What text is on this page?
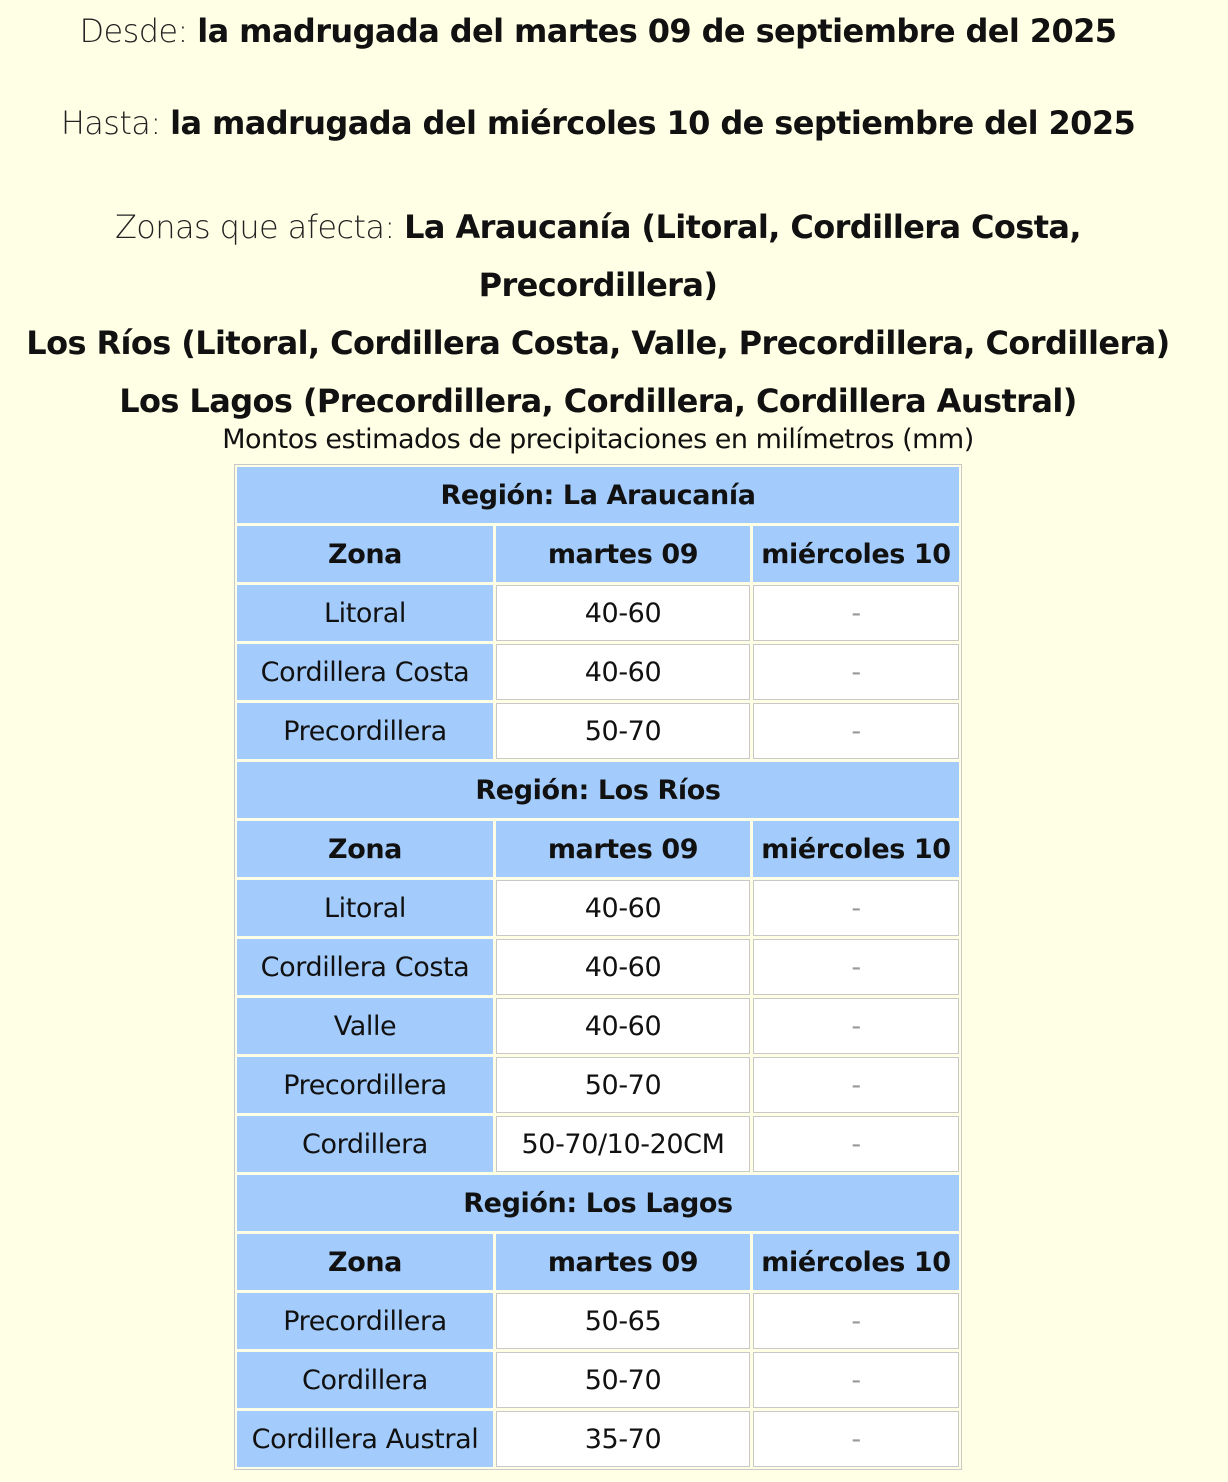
Desde: la madrugada del martes 09 de septiembre del 2025
Hasta: la madrugada del miércoles 10 de septiembre del 2025
Zonas que afecta: La Araucanía (Litoral, Cordillera Costa, Precordillera)
Los Ríos (Litoral, Cordillera Costa, Valle, Precordillera, Cordillera)
Los Lagos (Precordillera, Cordillera, Cordillera Austral)
Montos estimados de precipitaciones en milímetros (mm)
Región: La Araucanía		
Zona	martes 09	miércoles 10
Litoral	40-60	-
Cordillera Costa	40-60	-
Precordillera	50-70	-
Región: Los Ríos		
Zona	martes 09	miércoles 10
Litoral	40-60	-
Cordillera Costa	40-60	-
Valle	40-60	-
Precordillera	50-70	-
Cordillera	50-70/10-20CM	-
Región: Los Lagos		
Zona	martes 09	miércoles 10
Precordillera	50-65	-
Cordillera	50-70	-
Cordillera Austral	35-70	-
